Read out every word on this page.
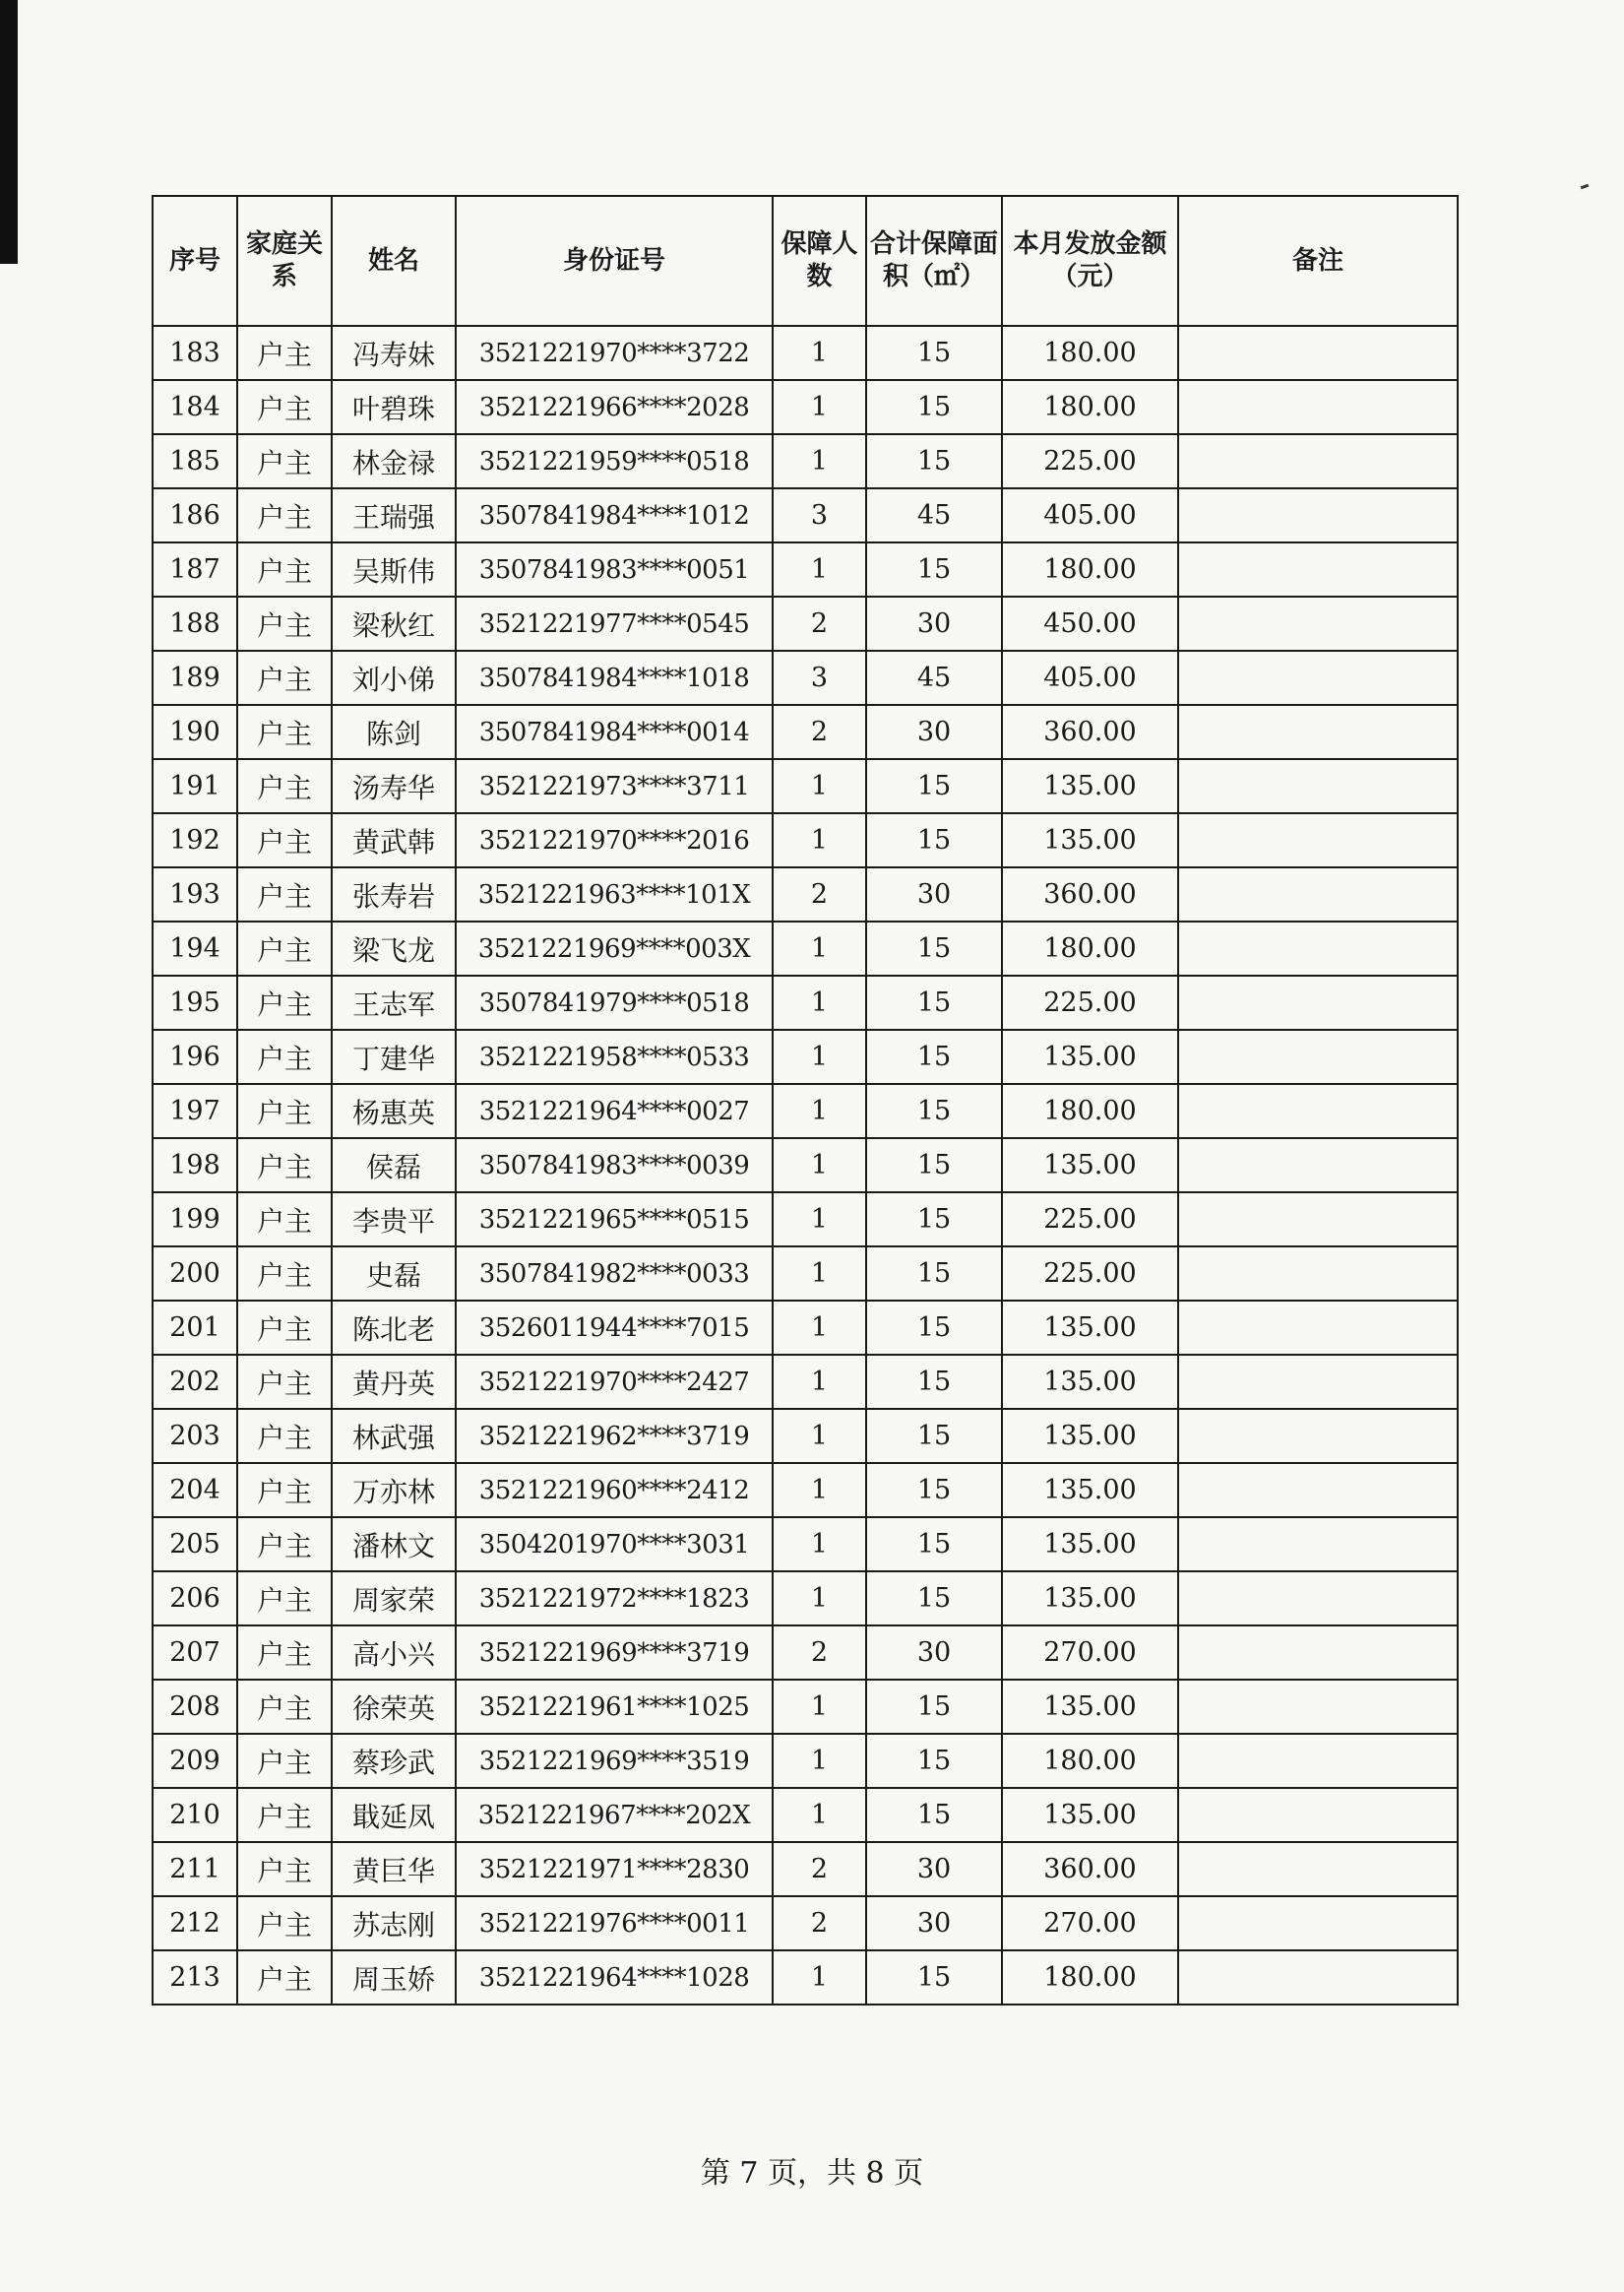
序号	家庭关系	姓名	身份证号	保障人数	合计保障面积（㎡）	本月发放金额（元）	备注
183	户主	冯寿妹	3521221970****3722	1	15	180.00	
184	户主	叶碧珠	3521221966****2028	1	15	180.00	
185	户主	林金禄	3521221959****0518	1	15	225.00	
186	户主	王瑞强	3507841984****1012	3	45	405.00	
187	户主	吴斯伟	3507841983****0051	1	15	180.00	
188	户主	梁秋红	3521221977****0545	2	30	450.00	
189	户主	刘小俤	3507841984****1018	3	45	405.00	
190	户主	陈剑	3507841984****0014	2	30	360.00	
191	户主	汤寿华	3521221973****3711	1	15	135.00	
192	户主	黄武韩	3521221970****2016	1	15	135.00	
193	户主	张寿岩	3521221963****101X	2	30	360.00	
194	户主	梁飞龙	3521221969****003X	1	15	180.00	
195	户主	王志军	3507841979****0518	1	15	225.00	
196	户主	丁建华	3521221958****0533	1	15	135.00	
197	户主	杨惠英	3521221964****0027	1	15	180.00	
198	户主	侯磊	3507841983****0039	1	15	135.00	
199	户主	李贵平	3521221965****0515	1	15	225.00	
200	户主	史磊	3507841982****0033	1	15	225.00	
201	户主	陈北老	3526011944****7015	1	15	135.00	
202	户主	黄丹英	3521221970****2427	1	15	135.00	
203	户主	林武强	3521221962****3719	1	15	135.00	
204	户主	万亦林	3521221960****2412	1	15	135.00	
205	户主	潘林文	3504201970****3031	1	15	135.00	
206	户主	周家荣	3521221972****1823	1	15	135.00	
207	户主	高小兴	3521221969****3719	2	30	270.00	
208	户主	徐荣英	3521221961****1025	1	15	135.00	
209	户主	蔡珍武	3521221969****3519	1	15	180.00	
210	户主	戢延凤	3521221967****202X	1	15	135.00	
211	户主	黄巨华	3521221971****2830	2	30	360.00	
212	户主	苏志刚	3521221976****0011	2	30	270.00	
213	户主	周玉娇	3521221964****1028	1	15	180.00	
第 7 页，共 8 页
